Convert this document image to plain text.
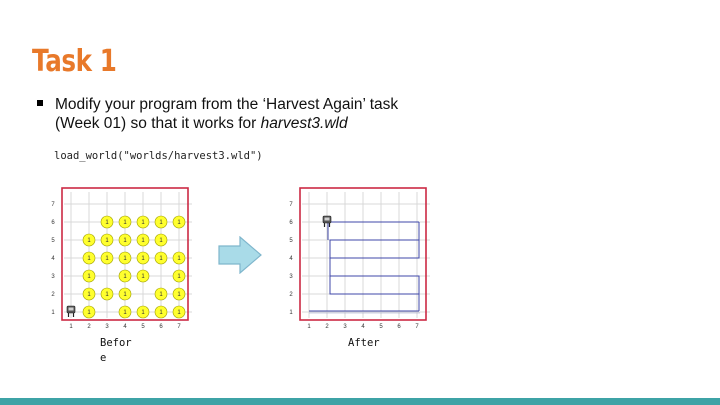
Task 1
Modify your program from the ‘Harvest Again’ task
(Week 01) so that it works for harvest3.wld
load_world("worlds/harvest3.wld")
1 2 3 4 5 6 7
1
2
3
4
5
6
7
1 1 1 1 1
1 1 1 1 1
1 1 1 1 1 1
1	1 1	1
1 1 1	1 1
1	1 1 1 1
1 2 3 4 5 6 7
1
2
3
4
5
6
7
Before
After
